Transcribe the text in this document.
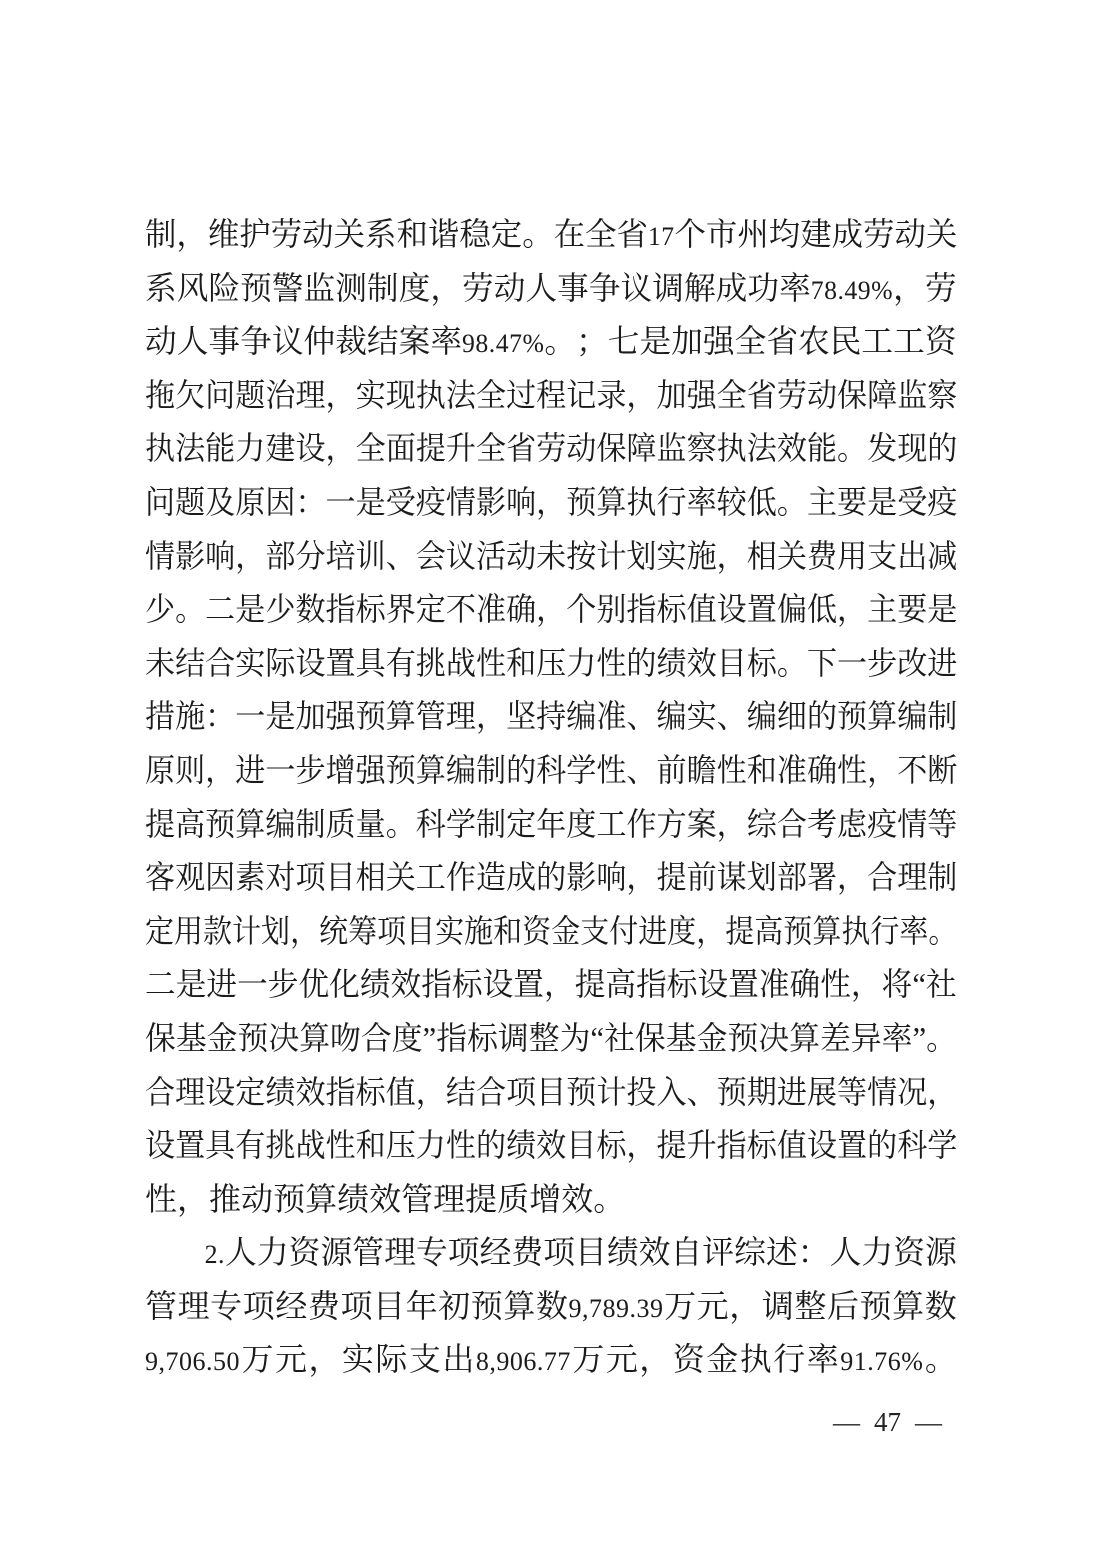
制 ， 维 护 劳 动 关 系 和 谐 稳 定 。 在 全 省 17 个 市 州 均 建 成 劳 动 关
系 风 险 预 警 监 测 制 度 ， 劳 动 人 事 争 议 调 解 成 功 率 78.49% ， 劳
动 人 事 争 议 仲 裁 结 案 率 98.47% 。 ； 七 是 加 强 全 省 农 民 工 工 资
拖 欠 问 题 治 理 ， 实 现 执 法 全 过 程 记 录 ， 加 强 全 省 劳 动 保 障 监 察
执 法 能 力 建 设 ， 全 面 提 升 全 省 劳 动 保 障 监 察 执 法 效 能 。 发 现 的
问 题 及 原 因 ： 一 是 受 疫 情 影 响 ， 预 算 执 行 率 较 低 。 主 要 是 受 疫
情 影 响 ， 部 分 培 训 、 会 议 活 动 未 按 计 划 实 施 ， 相 关 费 用 支 出 减
少 。 二 是 少 数 指 标 界 定 不 准 确 ， 个 别 指 标 值 设 置 偏 低 ， 主 要 是
未 结 合 实 际 设 置 具 有 挑 战 性 和 压 力 性 的 绩 效 目 标 。 下 一 步 改 进
措 施 ： 一 是 加 强 预 算 管 理 ， 坚 持 编 准 、 编 实 、 编 细 的 预 算 编 制
原 则 ， 进 一 步 增 强 预 算 编 制 的 科 学 性 、 前 瞻 性 和 准 确 性 ， 不 断
提 高 预 算 编 制 质 量 。 科 学 制 定 年 度 工 作 方 案 ， 综 合 考 虑 疫 情 等
客 观 因 素 对 项 目 相 关 工 作 造 成 的 影 响 ， 提 前 谋 划 部 署 ， 合 理 制
定 用 款 计 划 ， 统 筹 项 目 实 施 和 资 金 支 付 进 度 ， 提 高 预 算 执 行 率 。
二 是 进 一 步 优 化 绩 效 指 标 设 置 ， 提 高 指 标 设 置 准 确 性 ， 将 “ 社
保 基 金 预 决 算 吻 合 度 ” 指 标 调 整 为 “ 社 保 基 金 预 决 算 差 异 率 ” 。
合 理 设 定 绩 效 指 标 值 ， 结 合 项 目 预 计 投 入 、 预 期 进 展 等 情 况 ，
设 置 具 有 挑 战 性 和 压 力 性 的 绩 效 目 标 ， 提 升 指 标 值 设 置 的 科 学
性 ， 推 动 预 算 绩 效 管 理 提 质 增 效 。
2. 人 力 资 源 管 理 专 项 经 费 项 目 绩 效 自 评 综 述 ： 人 力 资 源
管 理 专 项 经 费 项 目 年 初 预 算 数 9,789.39 万 元 ， 调 整 后 预 算 数
9,706.50 万 元 ， 实 际 支 出 8,906.77 万 元 ， 资 金 执 行 率 91.76% 。
— 47 —
